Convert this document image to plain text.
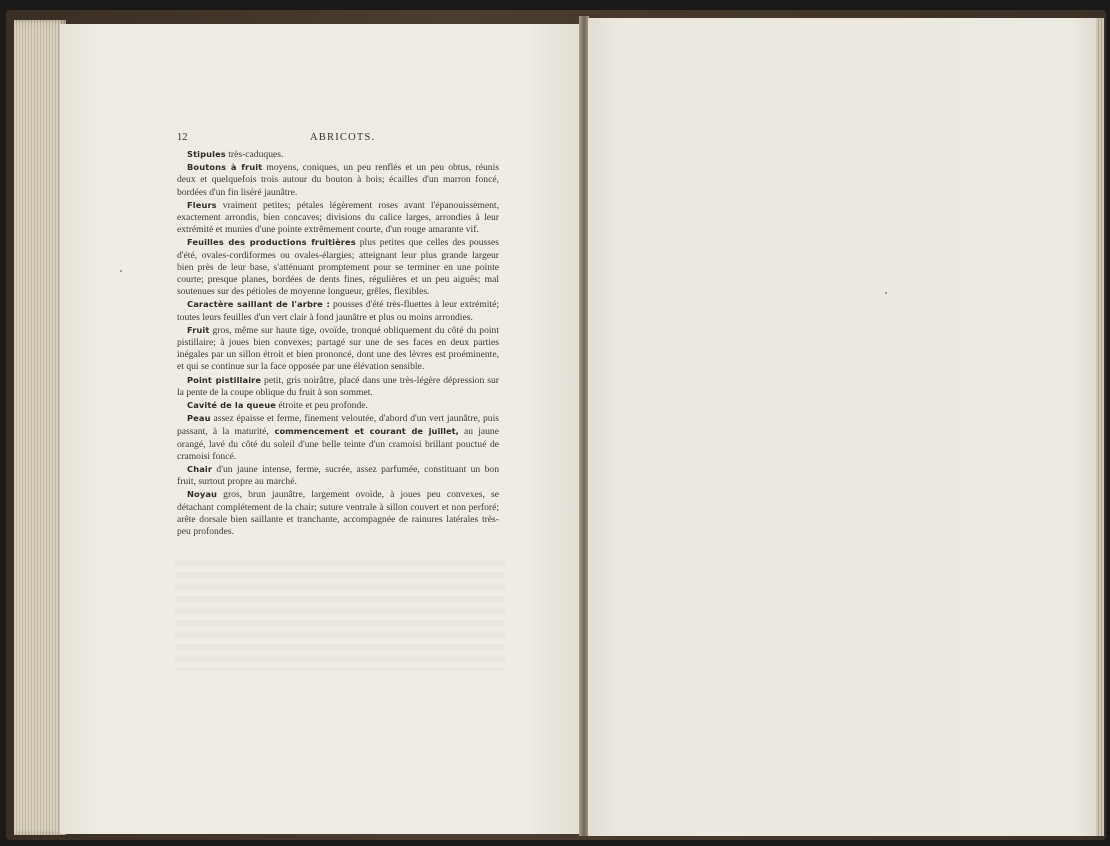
12	ABRICOTS.

Stipules très-caduques.

Boutons à fruit moyens, coniques, un peu renflés et un peu obtus, réunis deux et quelquefois trois autour du bouton à bois; écailles d'un marron foncé, bordées d'un fin liséré jaunâtre.

Fleurs vraiment petites; pétales légèrement roses avant l'épanouissement, exactement arrondis, bien concaves; divisions du calice larges, arrondies à leur extrémité et munies d'une pointe extrêmement courte, d'un rouge amarante vif.

Feuilles des productions fruitières plus petites que celles des pousses d'été, ovales-cordiformes ou ovales-élargies; atteignant leur plus grande largeur bien près de leur base, s'atténuant promptement pour se terminer en une pointe courte; presque planes, bordées de dents fines, régulières et un peu aiguës; mal soutenues sur des pétioles de moyenne longueur, grêles, flexibles.

Caractère saillant de l'arbre : pousses d'été très-fluettes à leur extrémité; toutes leurs feuilles d'un vert clair à fond jaunâtre et plus ou moins arrondies.

Fruit gros, même sur haute tige, ovoïde, tronqué obliquement du côté du point pistillaire; à joues bien convexes; partagé sur une de ses faces en deux parties inégales par un sillon étroit et bien prononcé, dont une des lèvres est proéminente, et qui se continue sur la face opposée par une élévation sensible.

Point pistillaire petit, gris noirâtre, placé dans une très-légère dépression sur la pente de la coupe oblique du fruit à son sommet.

Cavité de la queue étroite et peu profonde.

Peau assez épaisse et ferme, finement veloutée, d'abord d'un vert jaunâtre, puis passant, à la maturité, commencement et courant de juillet, au jaune orangé, lavé du côté du soleil d'une belle teinte d'un cramoisi brillant pouctué de cramoisi foncé.

Chair d'un jaune intense, ferme, sucrée, assez parfumée, constituant un bon fruit, surtout propre au marché.

Noyau gros, brun jaunâtre, largement ovoïde, à joues peu convexes, se détachant complétement de la chair; suture ventrale à sillon couvert et non perforé; arête dorsale bien saillante et tranchante, accompagnée de rainures latérales très-peu profondes.
